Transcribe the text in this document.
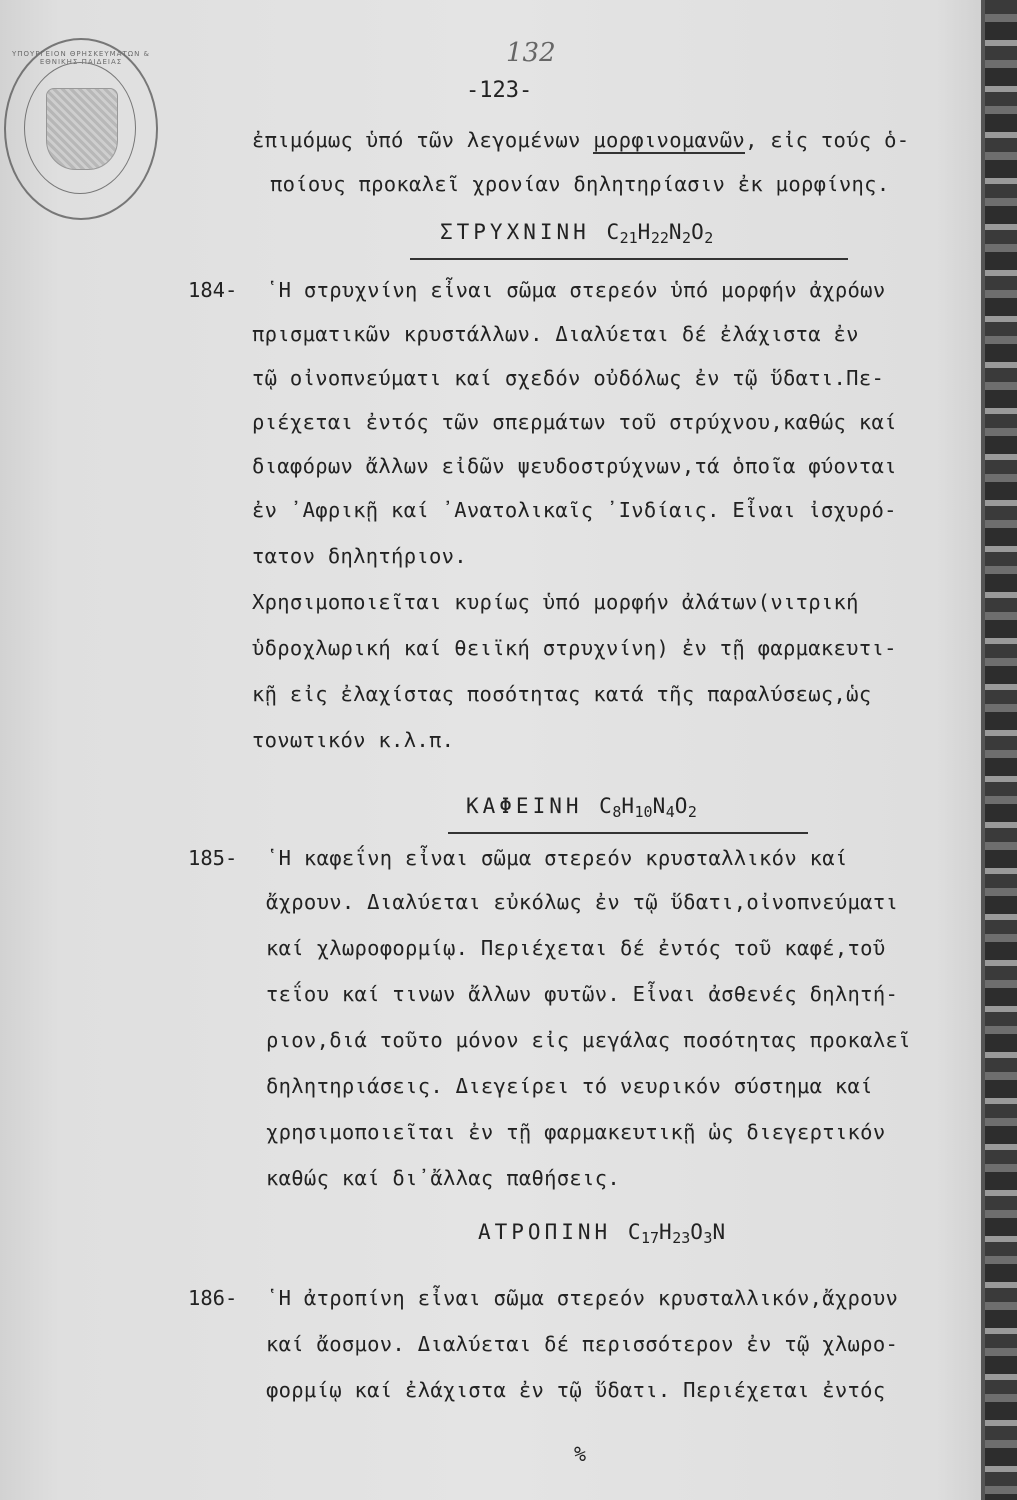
ΥΠΟΥΡΓΕΙΟΝ ΘΡΗΣΚΕΥΜΑΤΩΝ & ΕΘΝΙΚΗΣ ΠΑΙΔΕΙΑΣ	132
-123-
ἐπιμόμως ὑπό τῶν λεγομένων μορφινομανῶν, εἰς τούς ὁ-
ποίους προκαλεῖ χρονίαν δηλητηρίασιν ἐκ μορφίνης.
ΣΤΡΥΧΝΙΝΗ $C_{21}H_{22}N_2O_2$
184- ῾Η στρυχνίνη εἶναι σῶμα στερεόν ὑπό μορφήν ἀχρόων
πρισματικῶν κρυστάλλων. Διαλύεται δέ ἐλάχιστα ἐν
τῷ οἰνοπνεύματι καί σχεδόν οὐδόλως ἐν τῷ ὕδατι.Πε-
ριέχεται ἐντός τῶν σπερμάτων τοῦ στρύχνου,καθώς καί
διαφόρων ἄλλων εἰδῶν ψευδοστρύχνων,τά ὁποῖα φύονται
ἐν ᾿Αφρικῇ καί ᾿Ανατολικαῖς ᾿Ινδίαις. Εἶναι ἰσχυρό-
τατον δηλητήριον.
Χρησιμοποιεῖται κυρίως ὑπό μορφήν ἀλάτων(νιτρική
ὑδροχλωρική καί θειϊκή στρυχνίνη) ἐν τῇ φαρμακευτι-
κῇ εἰς ἐλαχίστας ποσότητας κατά τῆς παραλύσεως,ὡς
τονωτικόν κ.λ.π.
ΚΑΦΕΙΝΗ $C_8H_{10}N_4O_2$
185- ῾Η καφεΐνη εἶναι σῶμα στερεόν κρυσταλλικόν καί
ἄχρουν. Διαλύεται εὐκόλως ἐν τῷ ὕδατι,οἰνοπνεύματι
καί χλωροφορμίῳ. Περιέχεται δέ ἐντός τοῦ καφέ,τοῦ
τεΐου καί τινων ἄλλων φυτῶν. Εἶναι ἀσθενές δηλητή-
ριον,διά τοῦτο μόνον εἰς μεγάλας ποσότητας προκαλεῖ
δηλητηριάσεις. Διεγείρει τό νευρικόν σύστημα καί
χρησιμοποιεῖται ἐν τῇ φαρμακευτικῇ ὡς διεγερτικόν
καθώς καί δι᾿ἄλλας παθήσεις.
ΑΤΡΟΠΙΝΗ $C_{17}H_{23}O_3N$
186- ῾Η ἀτροπίνη εἶναι σῶμα στερεόν κρυσταλλικόν,ἄχρουν
καί ἄοσμον. Διαλύεται δέ περισσότερον ἐν τῷ χλωρο-
φορμίῳ καί ἐλάχιστα ἐν τῷ ὕδατι. Περιέχεται ἐντός
%
